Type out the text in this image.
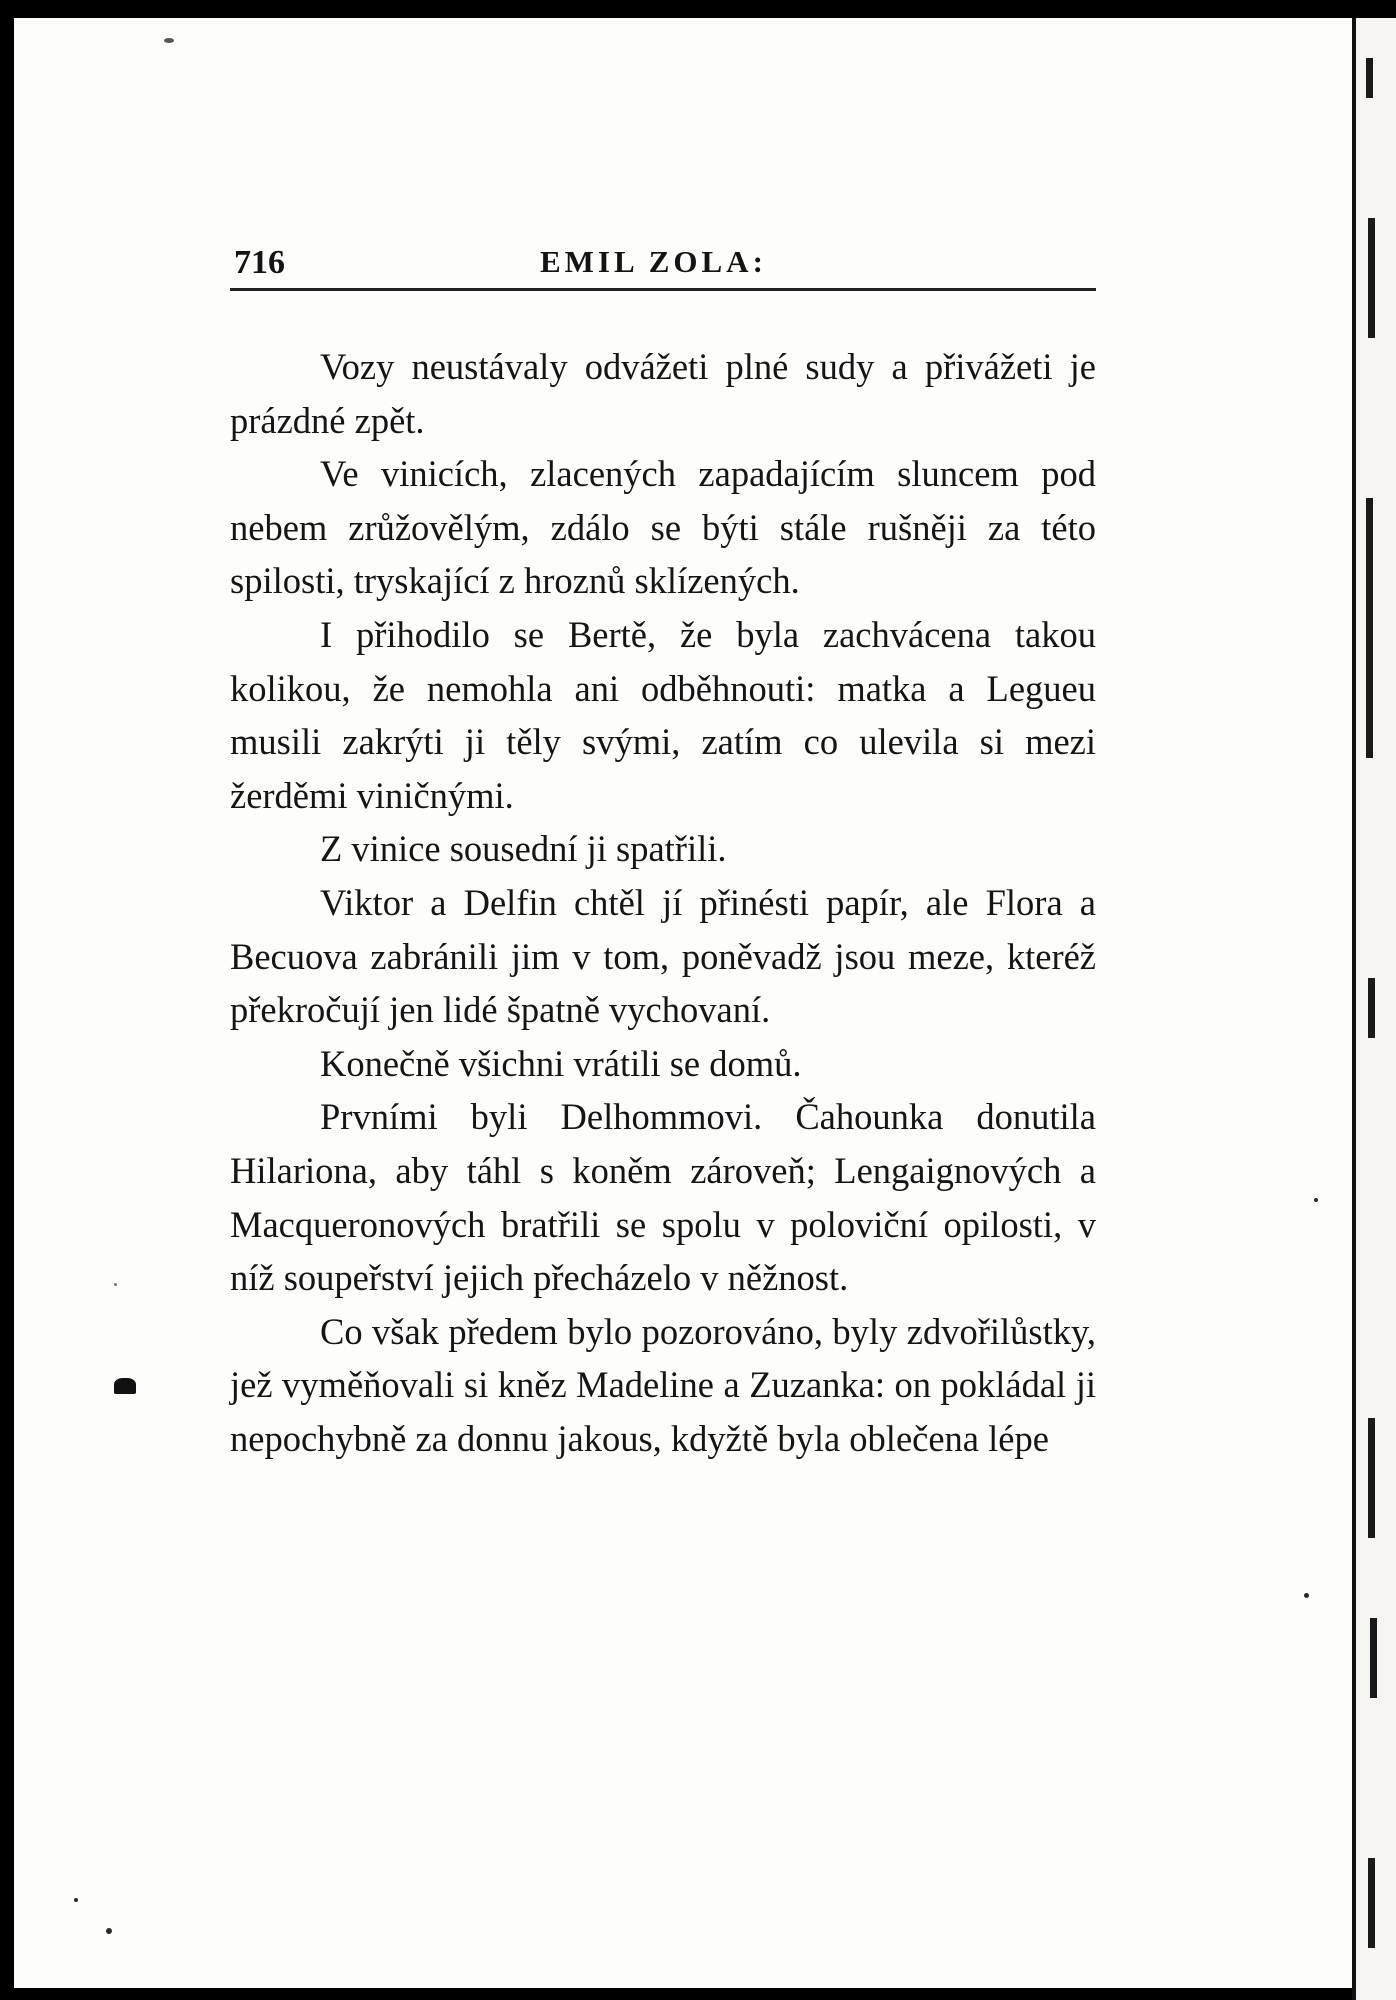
716	EMIL ZOLA:

Vozy neustávaly odvážeti plné sudy a přivážeti je prázdné zpět.

Ve vinicích, zlacených zapadajícím sluncem pod nebem zrůžovělým, zdálo se býti stále rušněji za této spilosti, tryskající z hroznů sklízených.

I přihodilo se Bertě, že byla zachvácena takou kolikou, že nemohla ani odběhnouti: matka a Legueu musili zakrýti ji těly svými, zatím co ulevila si mezi žerděmi viničnými.

Z vinice sousední ji spatřili.

Viktor a Delfin chtěl jí přinésti papír, ale Flora a Becuova zabránili jim v tom, poněvadž jsou meze, kteréž překročují jen lidé špatně vychovaní.

Konečně všichni vrátili se domů.

Prvními byli Delhommovi. Čahounka donutila Hilariona, aby táhl s koněm zároveň; Lengaignových a Macqueronových bratřili se spolu v poloviční opilosti, v níž soupeřství jejich přecházelo v něžnost.

Co však předem bylo pozorováno, byly zdvořilůstky, jež vyměňovali si kněz Madeline a Zuzanka: on pokládal ji nepochybně za donnu jakous, kdyžtě byla oblečena lépe
